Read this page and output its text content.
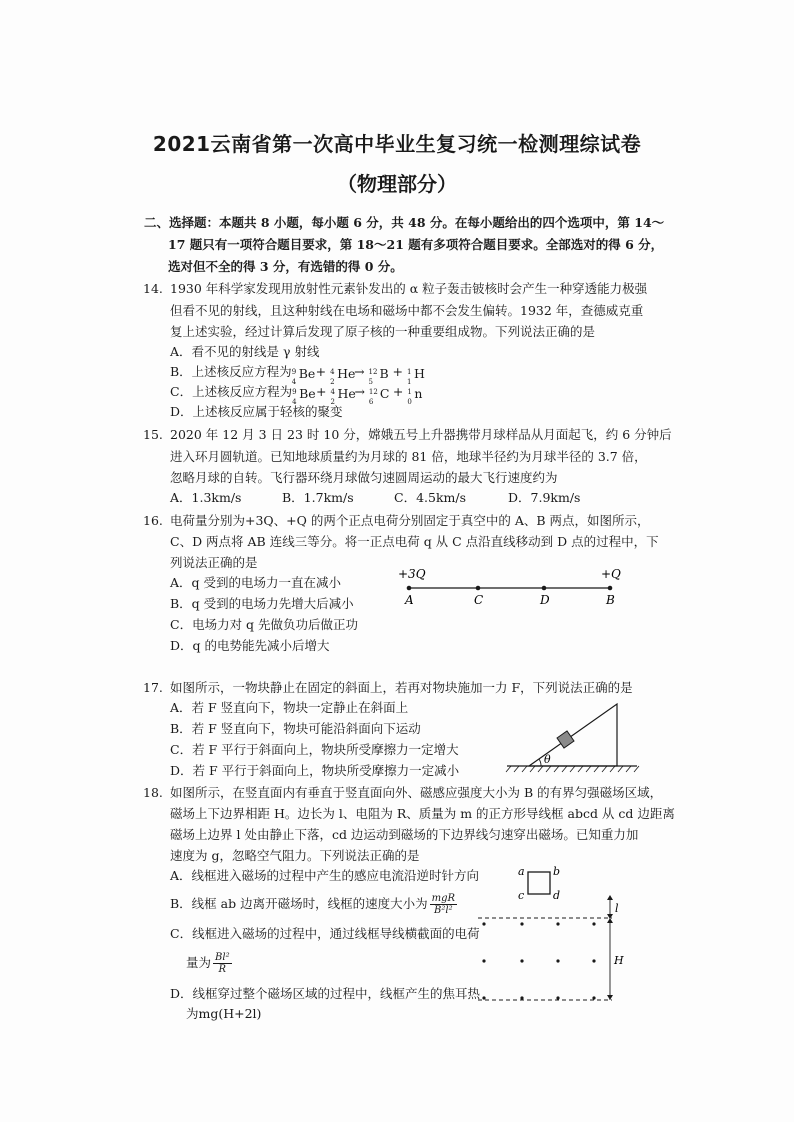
2021云南省第一次高中毕业生复习统一检测理综试卷
（物理部分）
二、选择题：本题共 8 小题，每小题 6 分，共 48 分。在每小题给出的四个选项中，第 14～
17 题只有一项符合题目要求，第 18～21 题有多项符合题目要求。全部选对的得 6 分，
选对但不全的得 3 分，有选错的得 0 分。
14. 1930 年科学家发现用放射性元素钋发出的 α 粒子轰击铍核时会产生一种穿透能力极强
但看不见的射线，且这种射线在电场和磁场中都不会发生偏转。1932 年，查德威克重
复上述实验，经过计算后发现了原子核的一种重要组成物。下列说法正确的是
A．看不见的射线是 γ 射线
B．上述核反应方程为 9
4
Be
+ 4
2
He
→ 12
5
B + 1
1
H
C．上述核反应方程为 9
4
Be
+ 4
2
He
→ 12
6
C + 1
0
n
D．上述核反应属于轻核的聚变
15. 2020 年 12 月 3 日 23 时 10 分，嫦娥五号上升器携带月球样品从月面起飞，约 6 分钟后
进入环月圆轨道。已知地球质量约为月球的 81 倍，地球半径约为月球半径的 3.7 倍，
忽略月球的自转。飞行器环绕月球做匀速圆周运动的最大飞行速度约为
A．1.3km/s	B．1.7km/s	C．4.5km/s	D．7.9km/s
16. 电荷量分别为+3Q、+Q 的两个正点电荷分别固定于真空中的 A、B 两点，如图所示，
C、D 两点将 AB 连线三等分。将一正点电荷 q 从 C 点沿直线移动到 D 点的过程中，下
列说法正确的是
A．q 受到的电场力一直在减小
B．q 受到的电场力先增大后减小
C．电场力对 q 先做负功后做正功
D．q 的电势能先减小后增大
+3Q	+Q
A	C	D	B
17. 如图所示，一物块静止在固定的斜面上，若再对物块施加一力 F，下列说法正确的是
A．若 F 竖直向下，物块一定静止在斜面上
B．若 F 竖直向下，物块可能沿斜面向下运动
C．若 F 平行于斜面向上，物块所受摩擦力一定增大
D．若 F 平行于斜面向上，物块所受摩擦力一定减小
θ
18. 如图所示，在竖直面内有垂直于竖直面向外、磁感应强度大小为 B 的有界匀强磁场区域，
磁场上下边界相距 H。边长为 l、电阻为 R、质量为 m 的正方形导线框 abcd 从 cd 边距离
磁场上边界 l 处由静止下落，cd 边运动到磁场的下边界线匀速穿出磁场。已知重力加
速度为 g，忽略空气阻力。下列说法正确的是
A．线框进入磁场的过程中产生的感应电流沿逆时针方向
B．线框 ab 边离开磁场时，线框的速度大小为 $\frac{\text{mgR}}{\text{B²l²}}$
C．线框进入磁场的过程中，通过线框导线横截面的电荷
量为 $\frac{\text{Bl²}}{R}$
D．线框穿过整个磁场区域的过程中，线框产生的焦耳热
为mg(H+2l)
a	b
c	d
l
H
